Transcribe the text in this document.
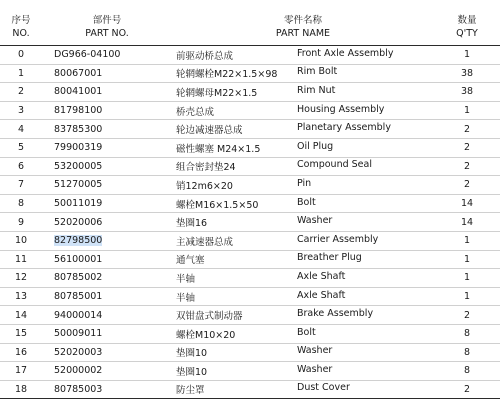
序号	部件号	零件名称	数量
NO.	PART NO.	PART NAME	Q'TY
0	DG966-04100	前驱动桥总成 Front Axle Assembly	1
1	80067001	轮辋螺栓M22×1.5×98 Rim Bolt	38
2	80041001	轮辋螺母M22×1.5 Rim Nut	38
3	81798100	桥壳总成 Housing Assembly	1
4	83785300	轮边减速器总成 Planetary Assembly	2
5	79900319	磁性螺塞 M24×1.5 Oil Plug	2
6	53200005	组合密封垫24 Compound Seal	2
7	51270005	销12m6×20 Pin	2
8	50011019	螺栓M16×1.5×50 Bolt	14
9	52020006	垫圈16 Washer	14
10	82798500	主减速器总成 Carrier Assembly	1
11	56100001	通气塞 Breather Plug	1
12	80785002	半轴 Axle Shaft	1
13	80785001	半轴 Axle Shaft	1
14	94000014	双钳盘式制动器 Brake Assembly	2
15	50009011	螺栓M10×20 Bolt	8
16	52020003	垫圈10 Washer	8
17	52000002	垫圈10 Washer	8
18	80785003	防尘罩 Dust Cover	2
